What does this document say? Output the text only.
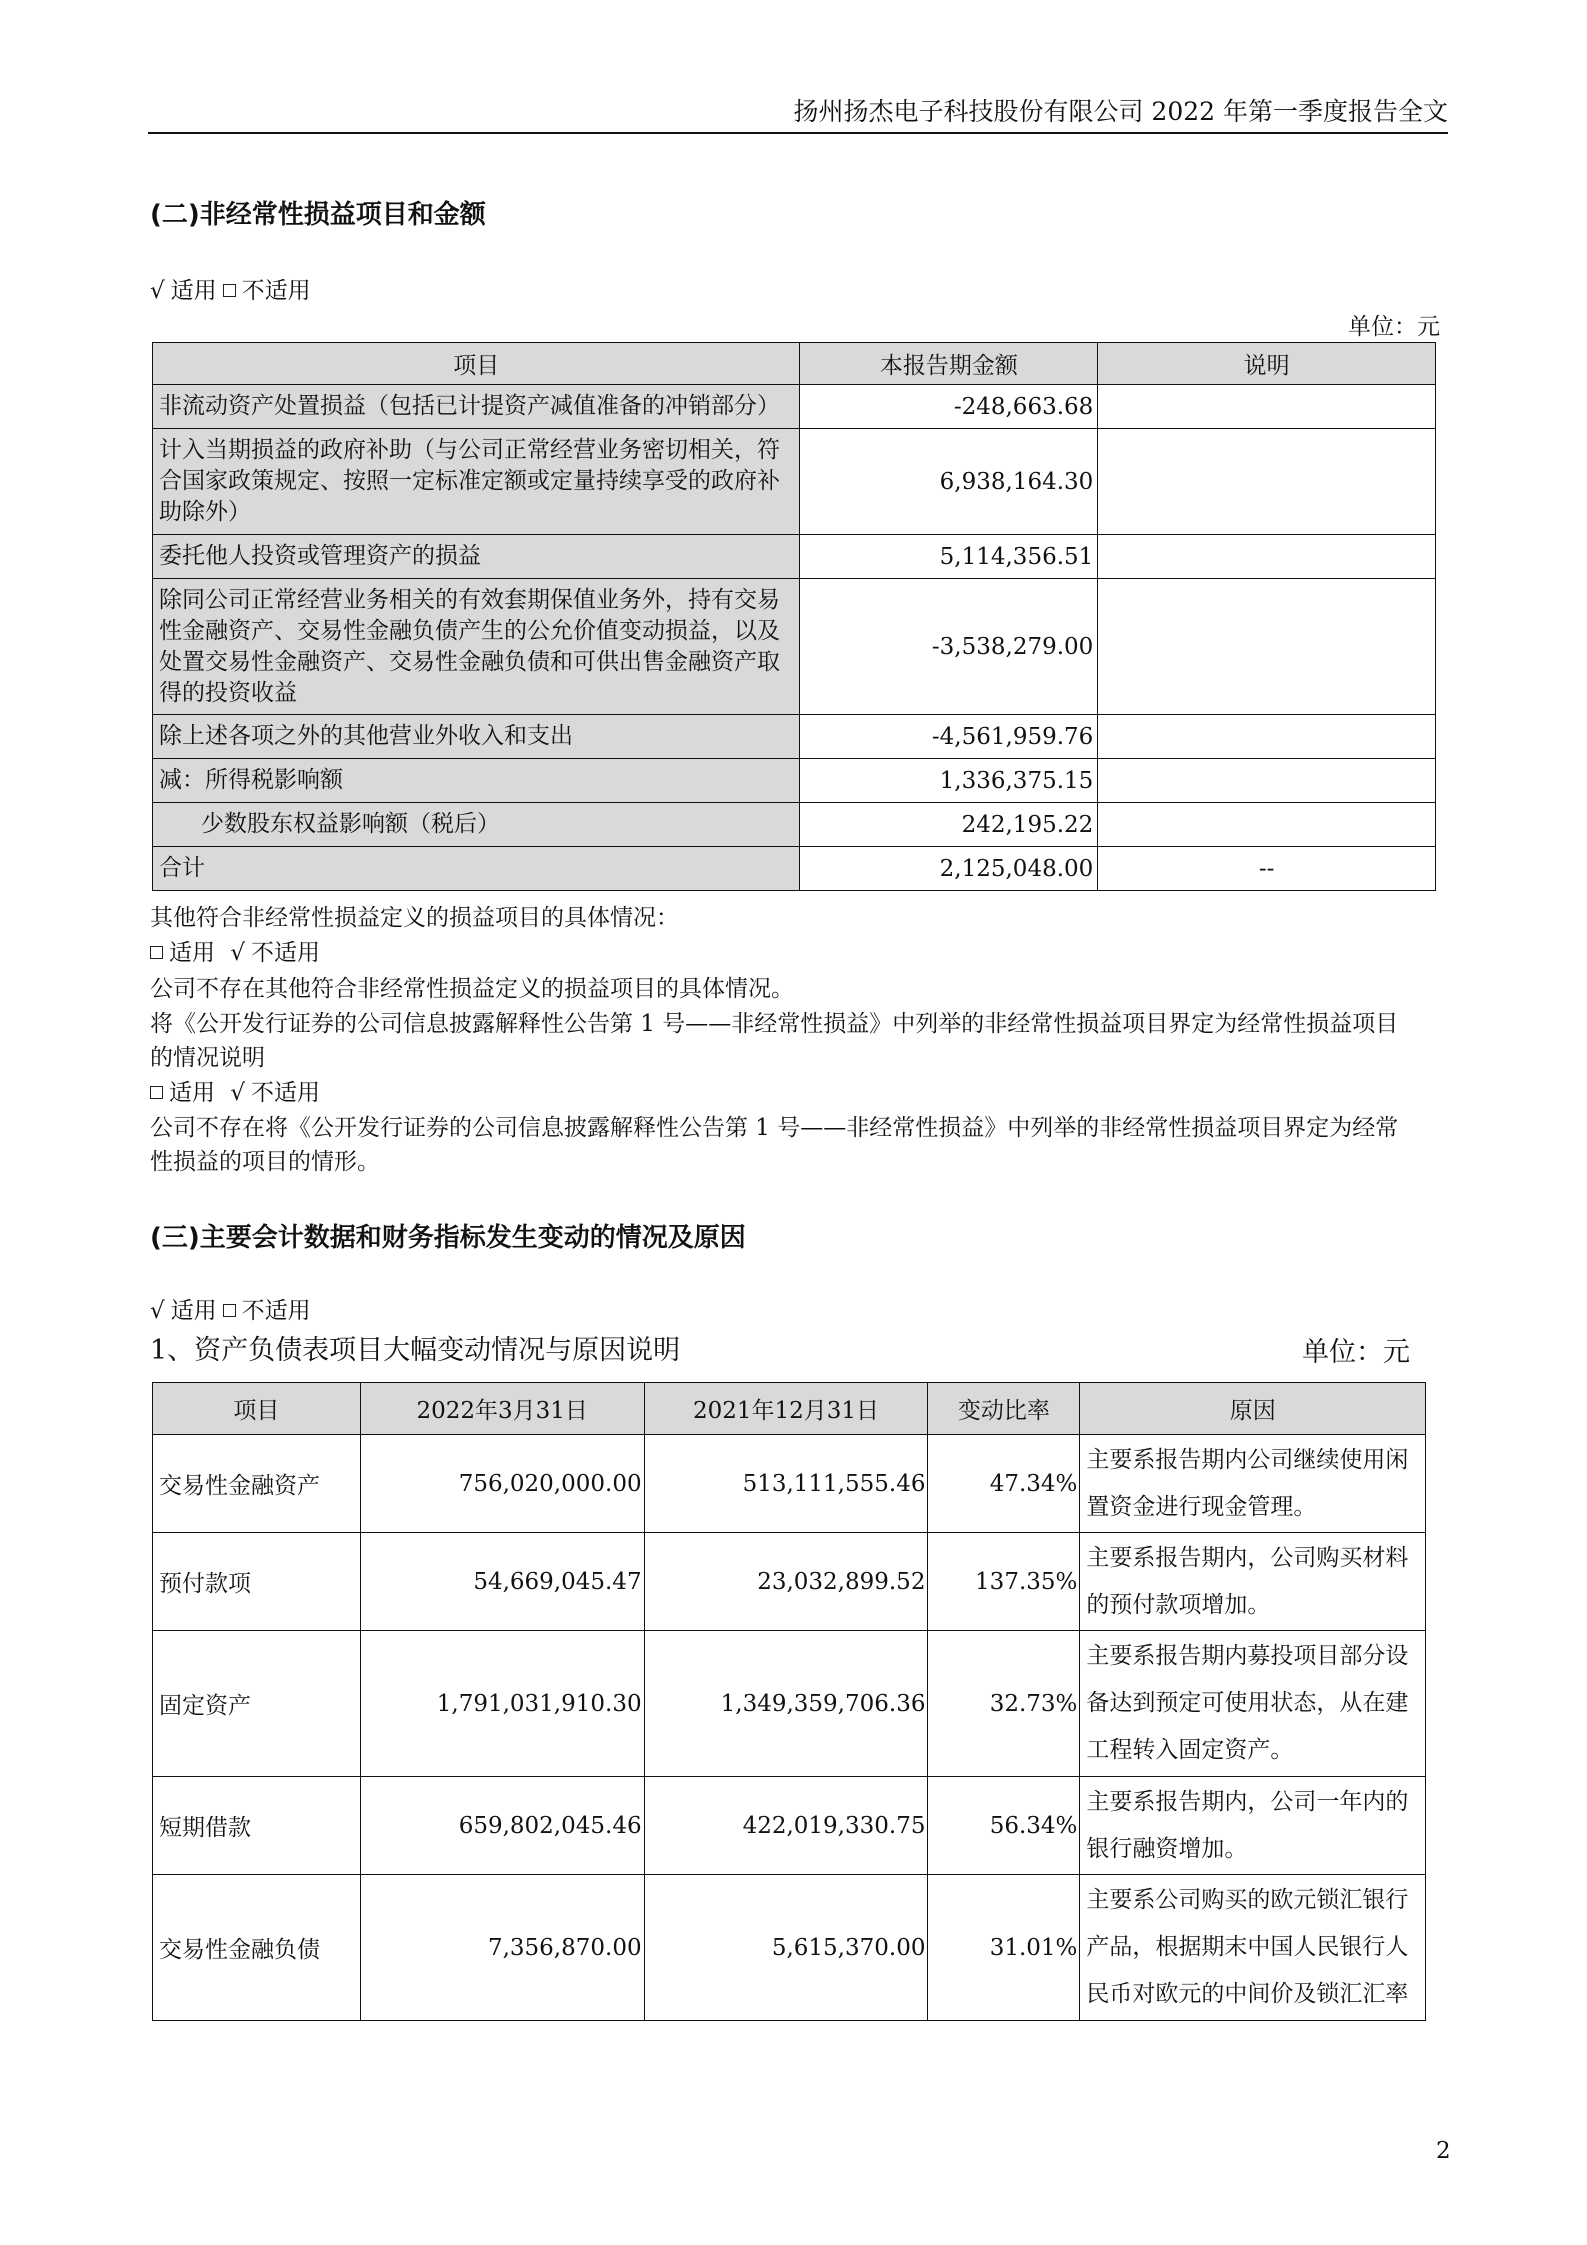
扬州扬杰电子科技股份有限公司 2022 年第一季度报告全文
(二)非经常性损益项目和金额
√ 适用 不适用
单位：元
项目	本报告期金额	说明
非流动资产处置损益（包括已计提资产减值准备的冲销部分）	-248,663.68	
计入当期损益的政府补助（与公司正常经营业务密切相关，符合国家政策规定、按照一定标准定额或定量持续享受的政府补助除外）	6,938,164.30	
委托他人投资或管理资产的损益	5,114,356.51	
除同公司正常经营业务相关的有效套期保值业务外，持有交易性金融资产、交易性金融负债产生的公允价值变动损益，以及处置交易性金融资产、交易性金融负债和可供出售金融资产取得的投资收益	-3,538,279.00	
除上述各项之外的其他营业外收入和支出	-4,561,959.76	
减：所得税影响额	1,336,375.15	
少数股东权益影响额（税后）	242,195.22	
合计	2,125,048.00	--
其他符合非经常性损益定义的损益项目的具体情况：
适用 √ 不适用
公司不存在其他符合非经常性损益定义的损益项目的具体情况。
将《公开发行证券的公司信息披露解释性公告第 1 号——非经常性损益》中列举的非经常性损益项目界定为经常性损益项目
的情况说明
适用 √ 不适用
公司不存在将《公开发行证券的公司信息披露解释性公告第 1 号——非经常性损益》中列举的非经常性损益项目界定为经常
性损益的项目的情形。
(三)主要会计数据和财务指标发生变动的情况及原因
√ 适用 不适用
1、资产负债表项目大幅变动情况与原因说明	单位：元
项目	2022年3月31日	2021年12月31日	变动比率	原因
交易性金融资产	756,020,000.00	513,111,555.46	47.34%	主要系报告期内公司继续使用闲置资金进行现金管理。
预付款项	54,669,045.47	23,032,899.52	137.35%	主要系报告期内，公司购买材料的预付款项增加。
固定资产	1,791,031,910.30	1,349,359,706.36	32.73%	主要系报告期内募投项目部分设备达到预定可使用状态，从在建工程转入固定资产。
短期借款	659,802,045.46	422,019,330.75	56.34%	主要系报告期内，公司一年内的银行融资增加。
交易性金融负债	7,356,870.00	5,615,370.00	31.01%	主要系公司购买的欧元锁汇银行产品，根据期末中国人民银行人民币对欧元的中间价及锁汇汇率
2
